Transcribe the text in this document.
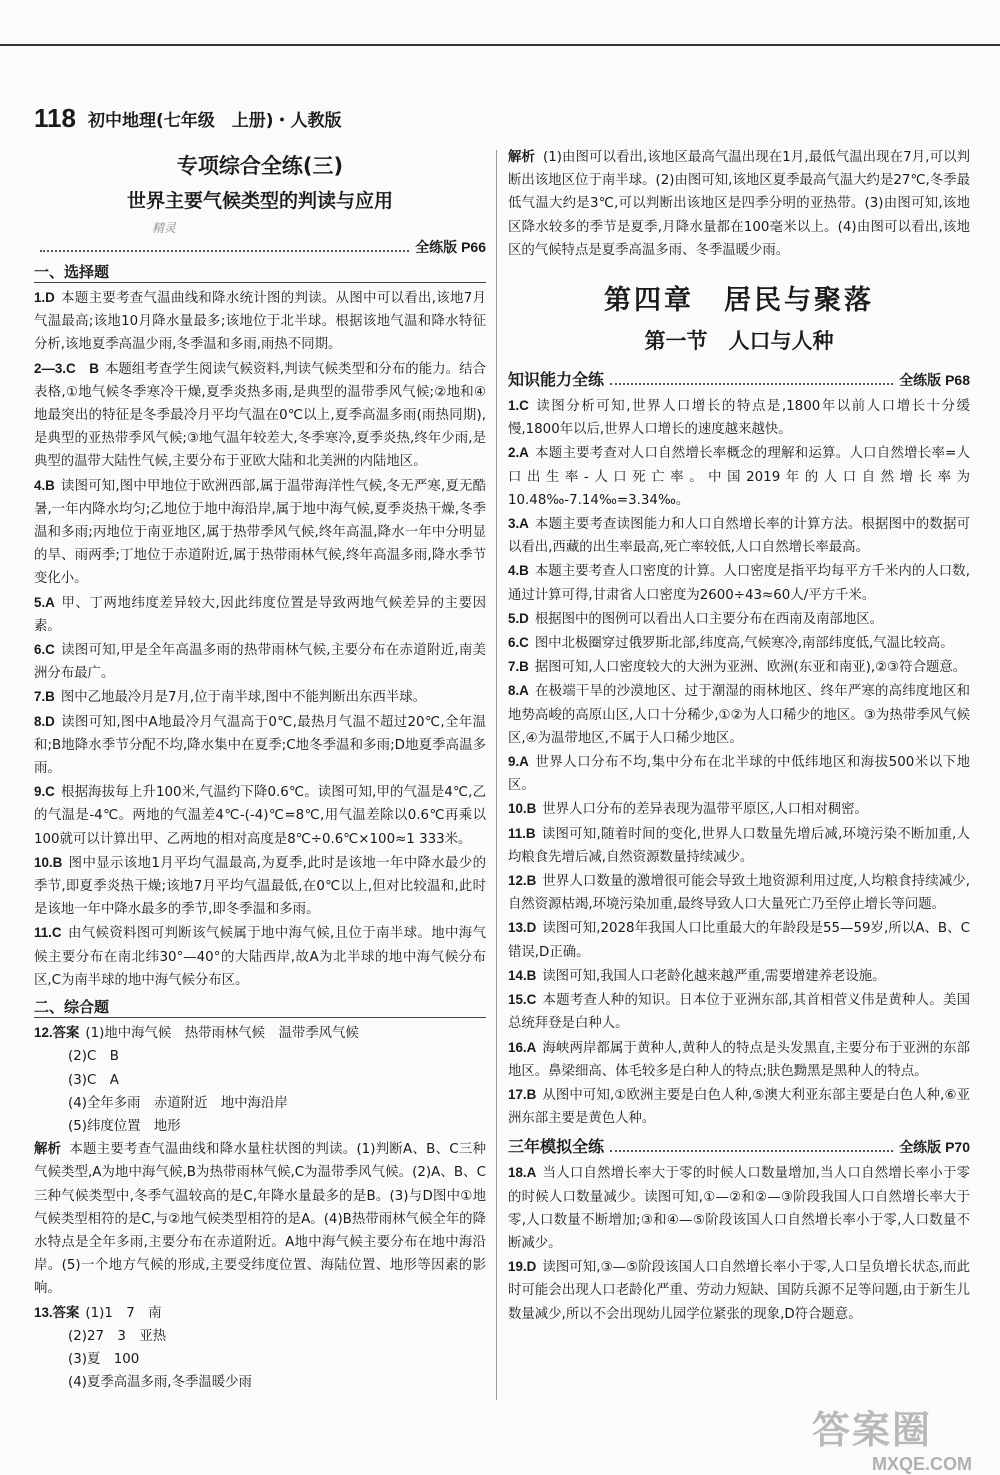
118 初中地理(七年级　上册)・人教版
专项综合全练(三)
世界主要气候类型的判读与应用
精灵
全练版 P66
一、选择题
1.D 本题主要考查气温曲线和降水统计图的判读。从图中可以看出,该地7月气温最高;该地10月降水量最多;该地位于北半球。根据该地气温和降水特征分析,该地夏季高温少雨,冬季温和多雨,雨热不同期。
2—3.C　B 本题组考查学生阅读气候资料,判读气候类型和分布的能力。结合表格,①地气候冬季寒冷干燥,夏季炎热多雨,是典型的温带季风气候;②地和④地最突出的特征是冬季最冷月平均气温在0℃以上,夏季高温多雨(雨热同期),是典型的亚热带季风气候;③地气温年较差大,冬季寒冷,夏季炎热,终年少雨,是典型的温带大陆性气候,主要分布于亚欧大陆和北美洲的内陆地区。
4.B 读图可知,图中甲地位于欧洲西部,属于温带海洋性气候,冬无严寒,夏无酷暑,一年内降水均匀;乙地位于地中海沿岸,属于地中海气候,夏季炎热干燥,冬季温和多雨;丙地位于南亚地区,属于热带季风气候,终年高温,降水一年中分明显的旱、雨两季;丁地位于赤道附近,属于热带雨林气候,终年高温多雨,降水季节变化小。
5.A 甲、丁两地纬度差异较大,因此纬度位置是导致两地气候差异的主要因素。
6.C 读图可知,甲是全年高温多雨的热带雨林气候,主要分布在赤道附近,南美洲分布最广。
7.B 图中乙地最冷月是7月,位于南半球,图中不能判断出东西半球。
8.D 读图可知,图中A地最冷月气温高于0℃,最热月气温不超过20℃,全年温和;B地降水季节分配不均,降水集中在夏季;C地冬季温和多雨;D地夏季高温多雨。
9.C 根据海拔每上升100米,气温约下降0.6℃。读图可知,甲的气温是4℃,乙的气温是-4℃。两地的气温差4℃-(-4)℃=8℃,用气温差除以0.6℃再乘以100就可以计算出甲、乙两地的相对高度是8℃÷0.6℃×100≈1 333米。
10.B 图中显示该地1月平均气温最高,为夏季,此时是该地一年中降水最少的季节,即夏季炎热干燥;该地7月平均气温最低,在0℃以上,但对比较温和,此时是该地一年中降水最多的季节,即冬季温和多雨。
11.C 由气候资料图可判断该气候属于地中海气候,且位于南半球。地中海气候主要分布在南北纬30°—40°的大陆西岸,故A为北半球的地中海气候分布区,C为南半球的地中海气候分布区。
二、综合题
12.答案 (1)地中海气候　热带雨林气候　温带季风气候
(2)C　B
(3)C　A
(4)全年多雨　赤道附近　地中海沿岸
(5)纬度位置　地形
解析 本题主要考查气温曲线和降水量柱状图的判读。(1)判断A、B、C三种气候类型,A为地中海气候,B为热带雨林气候,C为温带季风气候。(2)A、B、C三种气候类型中,冬季气温较高的是C,年降水量最多的是B。(3)与D图中①地气候类型相符的是C,与②地气候类型相符的是A。(4)B热带雨林气候全年的降水特点是全年多雨,主要分布在赤道附近。A地中海气候主要分布在地中海沿岸。(5)一个地方气候的形成,主要受纬度位置、海陆位置、地形等因素的影响。
13.答案 (1)1　7　南
(2)27　3　亚热
(3)夏　100
(4)夏季高温多雨,冬季温暖少雨
解析 (1)由图可以看出,该地区最高气温出现在1月,最低气温出现在7月,可以判断出该地区位于南半球。(2)由图可知,该地区夏季最高气温大约是27℃,冬季最低气温大约是3℃,可以判断出该地区是四季分明的亚热带。(3)由图可知,该地区降水较多的季节是夏季,月降水量都在100毫米以上。(4)由图可以看出,该地区的气候特点是夏季高温多雨、冬季温暖少雨。
第四章　居民与聚落
第一节　人口与人种
知识能力全练	全练版 P68
1.C 读图分析可知,世界人口增长的特点是,1800年以前人口增长十分缓慢,1800年以后,世界人口增长的速度越来越快。
2.A 本题主要考查对人口自然增长率概念的理解和运算。人口自然增长率=人口出生率-人口死亡率。中国2019年的人口自然增长率为10.48‰-7.14‰=3.34‰。
3.A 本题主要考查读图能力和人口自然增长率的计算方法。根据图中的数据可以看出,西藏的出生率最高,死亡率较低,人口自然增长率最高。
4.B 本题主要考查人口密度的计算。人口密度是指平均每平方千米内的人口数,通过计算可得,甘肃省人口密度为2600÷43≈60人/平方千米。
5.D 根据图中的图例可以看出人口主要分布在西南及南部地区。
6.C 图中北极圈穿过俄罗斯北部,纬度高,气候寒冷,南部纬度低,气温比较高。
7.B 据图可知,人口密度较大的大洲为亚洲、欧洲(东亚和南亚),②③符合题意。
8.A 在极端干旱的沙漠地区、过于潮湿的雨林地区、终年严寒的高纬度地区和地势高峻的高原山区,人口十分稀少,①②为人口稀少的地区。③为热带季风气候区,④为温带地区,不属于人口稀少地区。
9.A 世界人口分布不均,集中分布在北半球的中低纬地区和海拔500米以下地区。
10.B 世界人口分布的差异表现为温带平原区,人口相对稠密。
11.B 读图可知,随着时间的变化,世界人口数量先增后减,环境污染不断加重,人均粮食先增后减,自然资源数量持续减少。
12.B 世界人口数量的激增很可能会导致土地资源利用过度,人均粮食持续减少,自然资源枯竭,环境污染加重,最终导致人口大量死亡乃至停止增长等问题。
13.D 读图可知,2028年我国人口比重最大的年龄段是55—59岁,所以A、B、C错误,D正确。
14.B 读图可知,我国人口老龄化越来越严重,需要增建养老设施。
15.C 本题考查人种的知识。日本位于亚洲东部,其首相菅义伟是黄种人。美国总统拜登是白种人。
16.A 海峡两岸都属于黄种人,黄种人的特点是头发黑直,主要分布于亚洲的东部地区。鼻梁细高、体毛较多是白种人的特点;肤色黝黑是黑种人的特点。
17.B 从图中可知,①欧洲主要是白色人种,⑤澳大利亚东部主要是白色人种,⑥亚洲东部主要是黄色人种。
三年模拟全练	全练版 P70
18.A 当人口自然增长率大于零的时候人口数量增加,当人口自然增长率小于零的时候人口数量减少。读图可知,①—②和②—③阶段我国人口自然增长率大于零,人口数量不断增加;③和④—⑤阶段该国人口自然增长率小于零,人口数量不断减少。
19.D 读图可知,③—⑤阶段该国人口自然增长率小于零,人口呈负增长状态,而此时可能会出现人口老龄化严重、劳动力短缺、国防兵源不足等问题,由于新生儿数量减少,所以不会出现幼儿园学位紧张的现象,D符合题意。
答案圈
MXQE.COM
